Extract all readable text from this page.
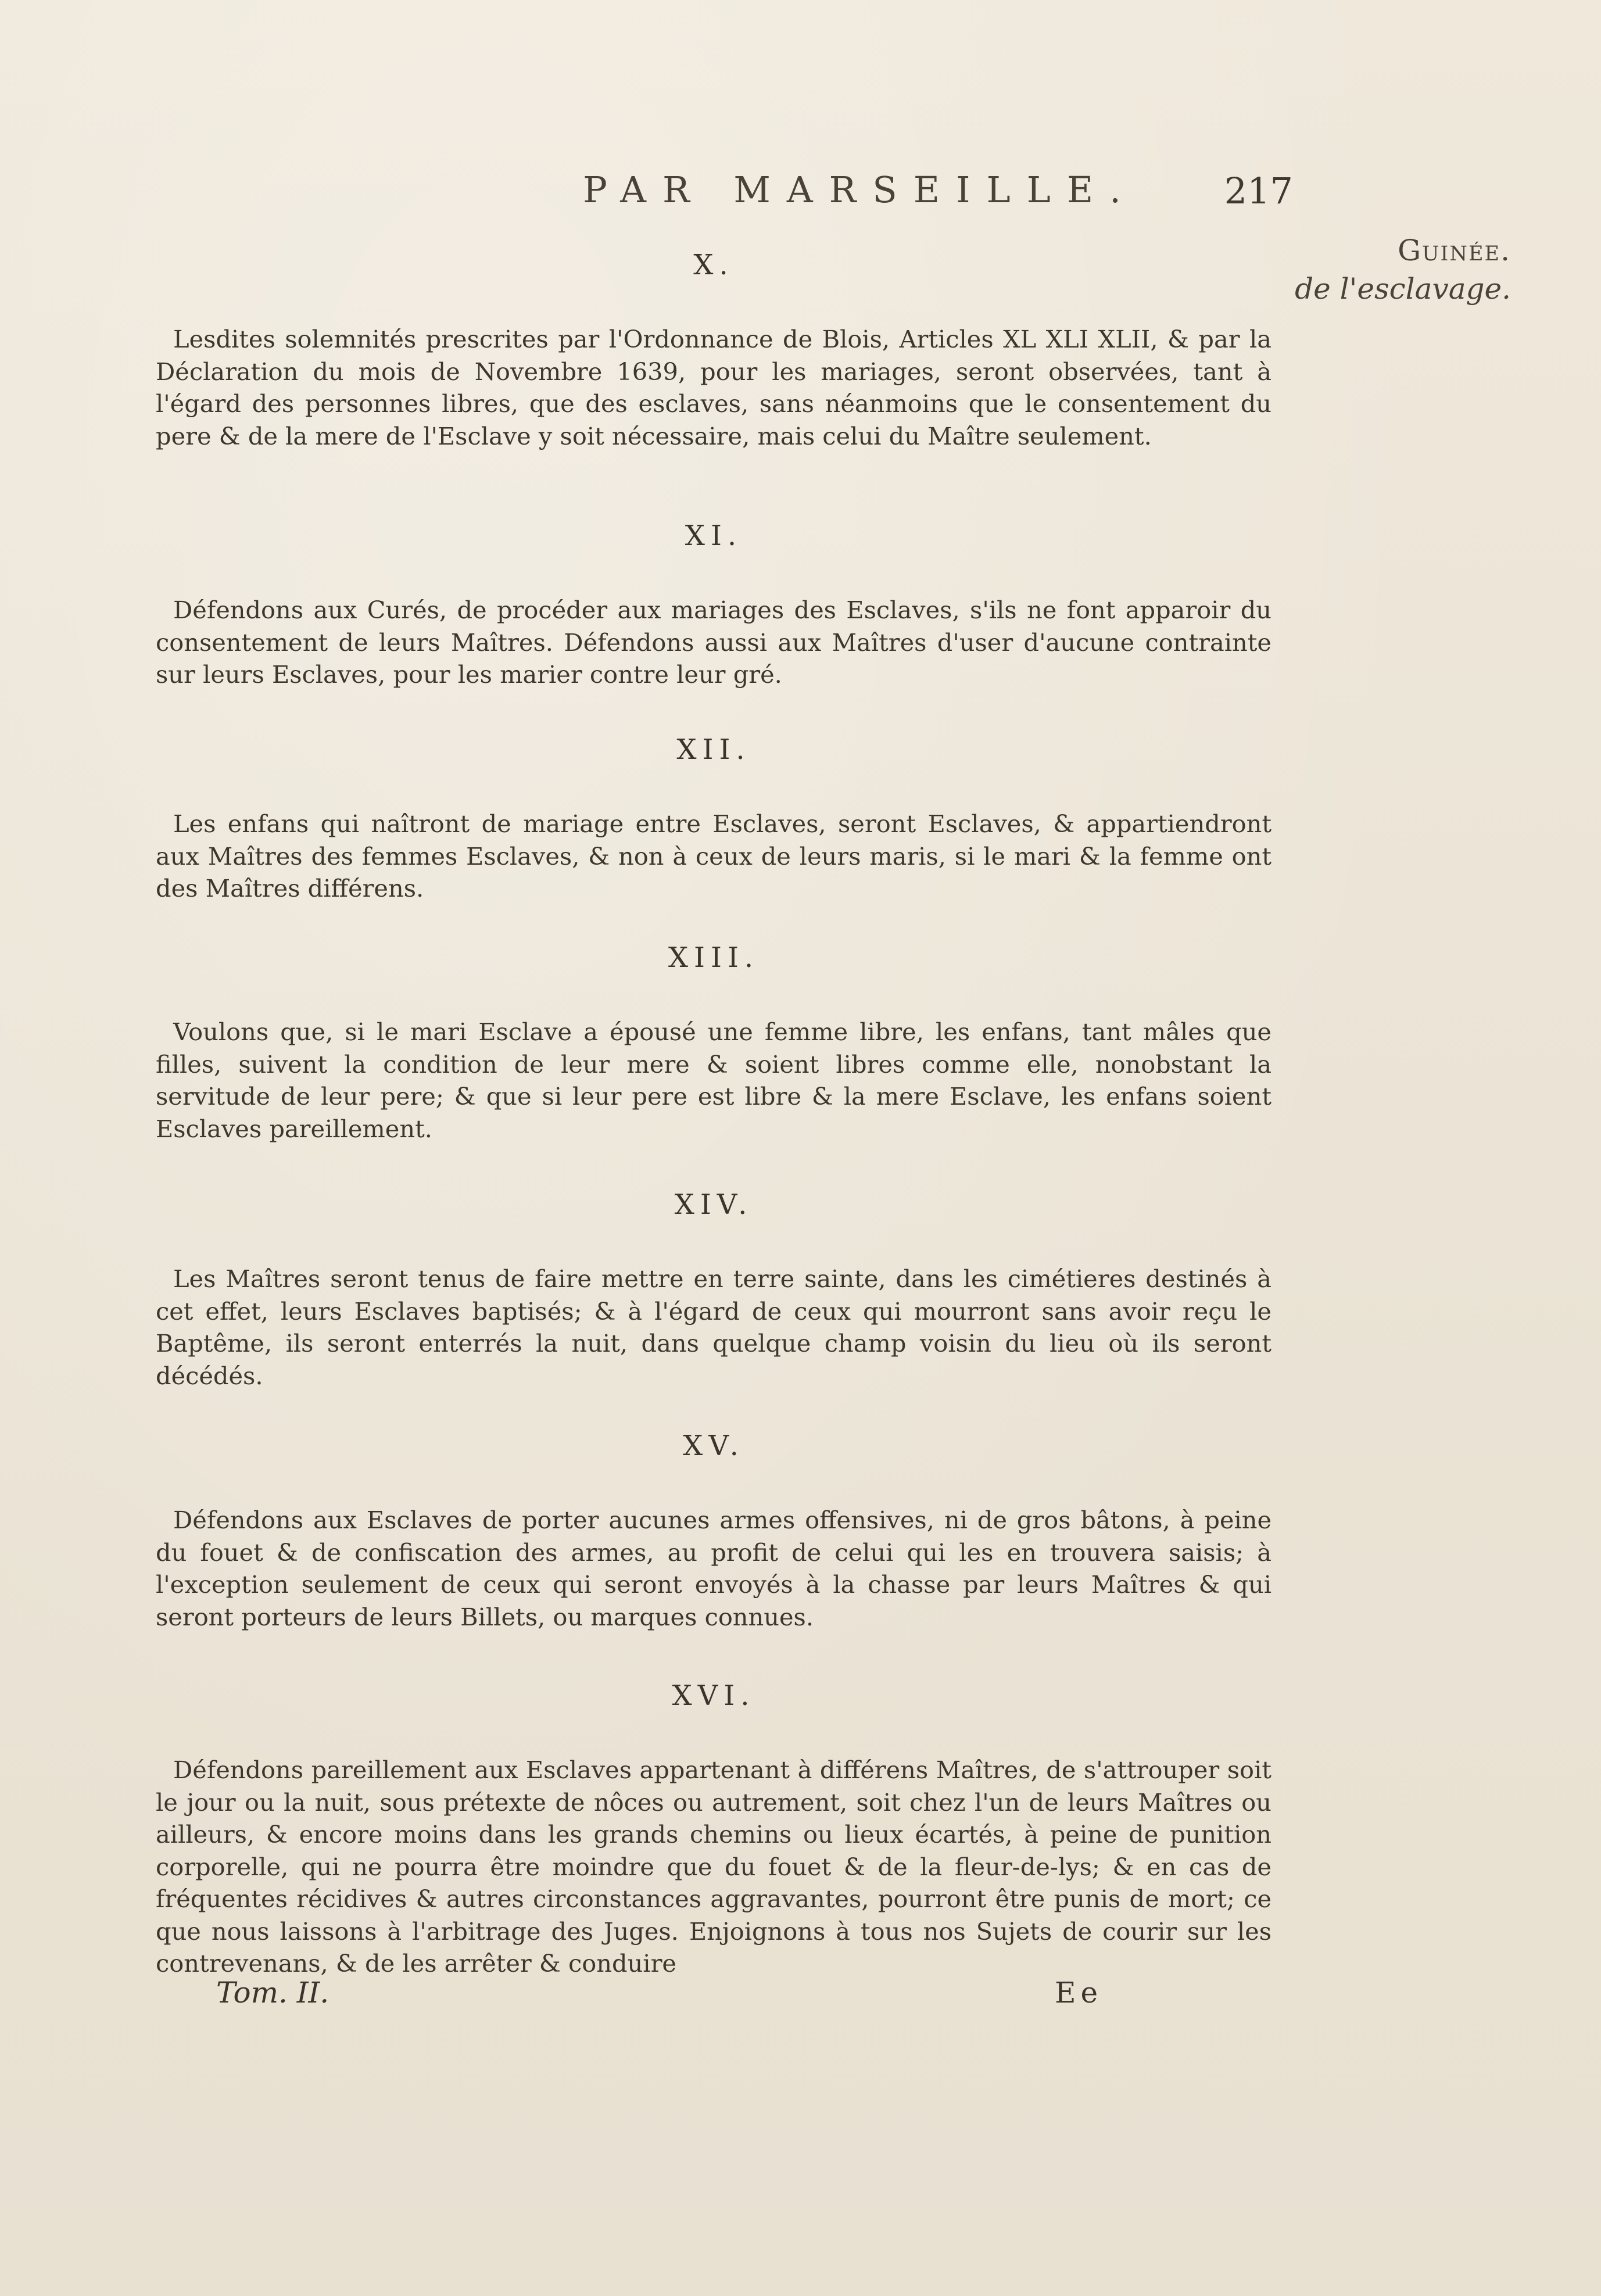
PAR MARSEILLE.	217
Guinée.
de l'esclavage.
X.
Lesdites solemnités prescrites par l'Ordonnance de Blois, Articles XL XLI XLII, & par la Déclaration du mois de Novembre 1639, pour les mariages, seront observées, tant à l'égard des personnes libres, que des esclaves, sans néanmoins que le consentement du pere & de la mere de l'Esclave y soit nécessaire, mais celui du Maître seulement.
XI.
Défendons aux Curés, de procéder aux mariages des Esclaves, s'ils ne font apparoir du consentement de leurs Maîtres. Défendons aussi aux Maîtres d'user d'aucune contrainte sur leurs Esclaves, pour les marier contre leur gré.
XII.
Les enfans qui naîtront de mariage entre Esclaves, seront Esclaves, & appartiendront aux Maîtres des femmes Esclaves, & non à ceux de leurs maris, si le mari & la femme ont des Maîtres différens.
XIII.
Voulons que, si le mari Esclave a épousé une femme libre, les enfans, tant mâles que filles, suivent la condition de leur mere & soient libres comme elle, nonobstant la servitude de leur pere; & que si leur pere est libre & la mere Esclave, les enfans soient Esclaves pareillement.
XIV.
Les Maîtres seront tenus de faire mettre en terre sainte, dans les cimétieres destinés à cet effet, leurs Esclaves baptisés; & à l'égard de ceux qui mourront sans avoir reçu le Baptême, ils seront enterrés la nuit, dans quelque champ voisin du lieu où ils seront décédés.
XV.
Défendons aux Esclaves de porter aucunes armes offensives, ni de gros bâtons, à peine du fouet & de confiscation des armes, au profit de celui qui les en trouvera saisis; à l'exception seulement de ceux qui seront envoyés à la chasse par leurs Maîtres & qui seront porteurs de leurs Billets, ou marques connues.
XVI.
Défendons pareillement aux Esclaves appartenant à différens Maîtres, de s'attrouper soit le jour ou la nuit, sous prétexte de nôces ou autrement, soit chez l'un de leurs Maîtres ou ailleurs, & encore moins dans les grands chemins ou lieux écartés, à peine de punition corporelle, qui ne pourra être moindre que du fouet & de la fleur-de-lys; & en cas de fréquentes récidives & autres circonstances aggravantes, pourront être punis de mort; ce que nous laissons à l'arbitrage des Juges. Enjoignons à tous nos Sujets de courir sur les contrevenans, & de les arrêter & conduire
Tom. II.	Ee
